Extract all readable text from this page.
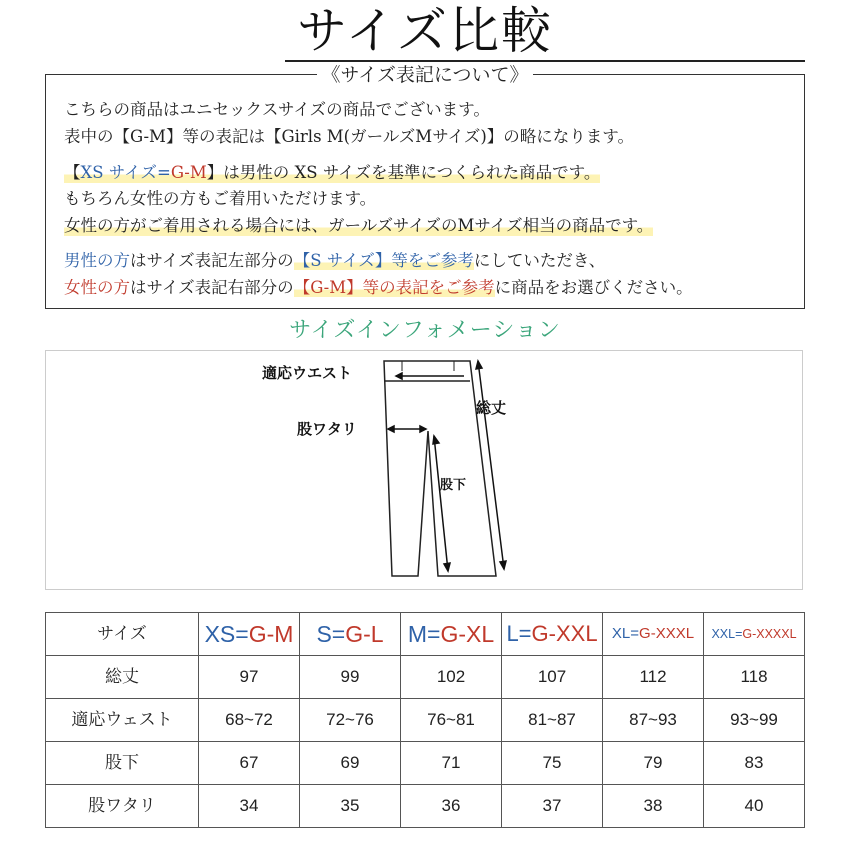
サイズ比較
《サイズ表記について》
こちらの商品はユニセックスサイズの商品でございます。
表中の【G-M】等の表記は【Girls M(ガールズMサイズ)】の略になります。
【XS サイズ=G-M】は男性の XS サイズを基準につくられた商品です。
もちろん女性の方もご着用いただけます。
女性の方がご着用される場合には、ガールズサイズのMサイズ相当の商品です。
男性の方はサイズ表記左部分の【S サイズ】等をご参考にしていただき、
女性の方はサイズ表記右部分の【G-M】等の表記をご参考に商品をお選びください。
サイズインフォメーション
適応ウエスト
総丈
股ワタリ
股下
サイズ	XS=G-M	S=G-L	M=G-XL	L=G-XXL	XL=G-XXXL	XXL=G-XXXXL
総丈	97	99	102	107	112	118
適応ウェスト	68~72	72~76	76~81	81~87	87~93	93~99
股下	67	69	71	75	79	83
股ワタリ	34	35	36	37	38	40
